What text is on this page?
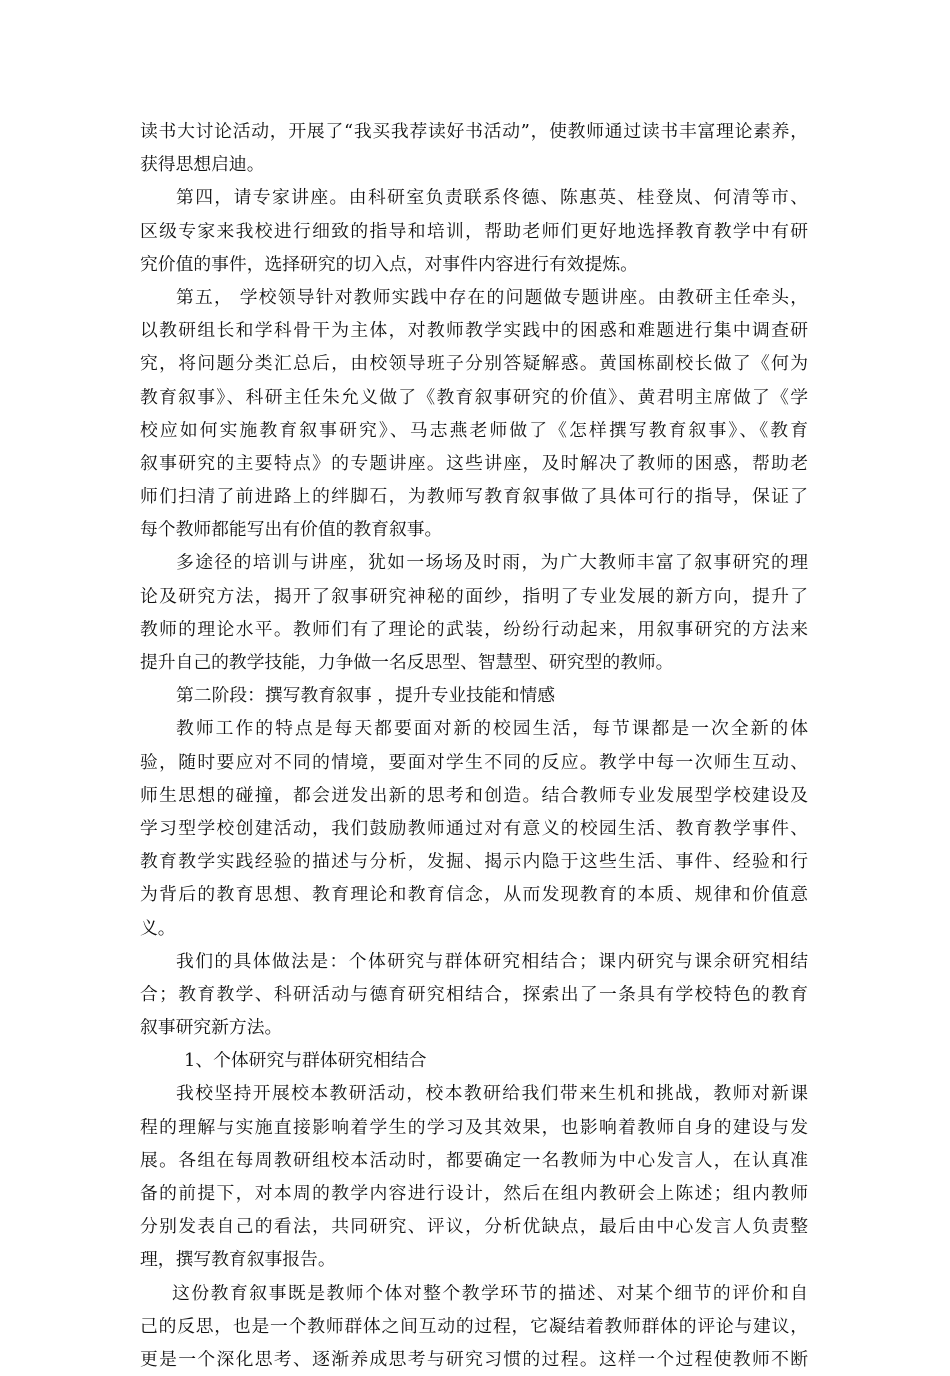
读书大讨论活动，开展了“我买我荐读好书活动”，使教师通过读书丰富理论素养，
获得思想启迪。
第四，请专家讲座。由科研室负责联系佟德、陈惠英、桂登岚、何清等市、
区级专家来我校进行细致的指导和培训，帮助老师们更好地选择教育教学中有研
究价值的事件，选择研究的切入点，对事件内容进行有效提炼。
第五， 学校领导针对教师实践中存在的问题做专题讲座。由教研主任牵头，
以教研组长和学科骨干为主体，对教师教学实践中的困惑和难题进行集中调查研
究，将问题分类汇总后，由校领导班子分别答疑解惑。黄国栋副校长做了《何为
教育叙事》、科研主任朱允义做了《教育叙事研究的价值》、黄君明主席做了《学
校应如何实施教育叙事研究》、马志燕老师做了《怎样撰写教育叙事》、《教育
叙事研究的主要特点》的专题讲座。这些讲座，及时解决了教师的困惑，帮助老
师们扫清了前进路上的绊脚石，为教师写教育叙事做了具体可行的指导，保证了
每个教师都能写出有价值的教育叙事。
多途径的培训与讲座，犹如一场场及时雨，为广大教师丰富了叙事研究的理
论及研究方法，揭开了叙事研究神秘的面纱，指明了专业发展的新方向，提升了
教师的理论水平。教师们有了理论的武装，纷纷行动起来，用叙事研究的方法来
提升自己的教学技能，力争做一名反思型、智慧型、研究型的教师。
第二阶段：撰写教育叙事 ，提升专业技能和情感
教师工作的特点是每天都要面对新的校园生活，每节课都是一次全新的体
验，随时要应对不同的情境，要面对学生不同的反应。教学中每一次师生互动、
师生思想的碰撞，都会迸发出新的思考和创造。结合教师专业发展型学校建设及
学习型学校创建活动，我们鼓励教师通过对有意义的校园生活、教育教学事件、
教育教学实践经验的描述与分析，发掘、揭示内隐于这些生活、事件、经验和行
为背后的教育思想、教育理论和教育信念，从而发现教育的本质、规律和价值意
义。
我们的具体做法是：个体研究与群体研究相结合；课内研究与课余研究相结
合；教育教学、科研活动与德育研究相结合，探索出了一条具有学校特色的教育
叙事研究新方法。
1、个体研究与群体研究相结合
我校坚持开展校本教研活动，校本教研给我们带来生机和挑战，教师对新课
程的理解与实施直接影响着学生的学习及其效果，也影响着教师自身的建设与发
展。各组在每周教研组校本活动时，都要确定一名教师为中心发言人，在认真准
备的前提下，对本周的教学内容进行设计，然后在组内教研会上陈述；组内教师
分别发表自己的看法，共同研究、评议，分析优缺点，最后由中心发言人负责整
理，撰写教育叙事报告。
这份教育叙事既是教师个体对整个教学环节的描述、对某个细节的评价和自
己的反思，也是一个教师群体之间互动的过程，它凝结着教师群体的评论与建议，
更是一个深化思考、逐渐养成思考与研究习惯的过程。这样一个过程使教师不断
